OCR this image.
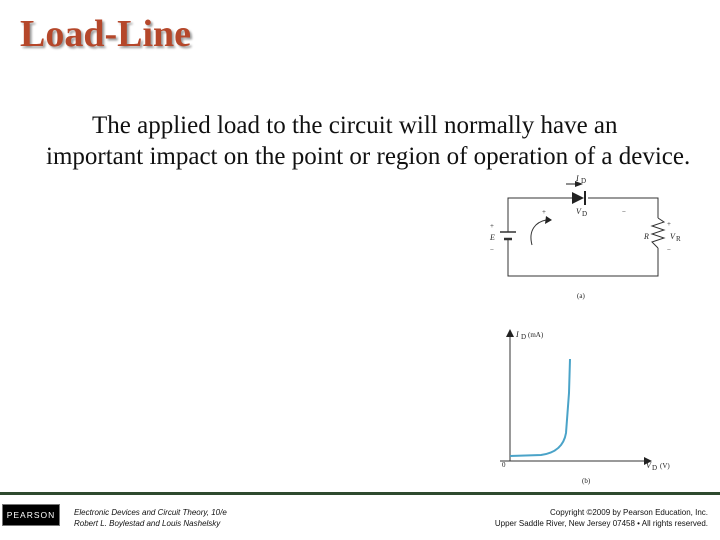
Load-Line
The applied load to the circuit will normally have an important impact on the point or region of operation of a device.
I D
+	−
V D
+
E
−
R
+
V R
−
(a)
I D (mA)
0	V D (V)
(b)
PEARSON	Electronic Devices and Circuit Theory, 10/e
Robert L. Boylestad and Louis Nashelsky
Copyright ©2009 by Pearson Education, Inc.
Upper Saddle River, New Jersey 07458 • All rights reserved.
